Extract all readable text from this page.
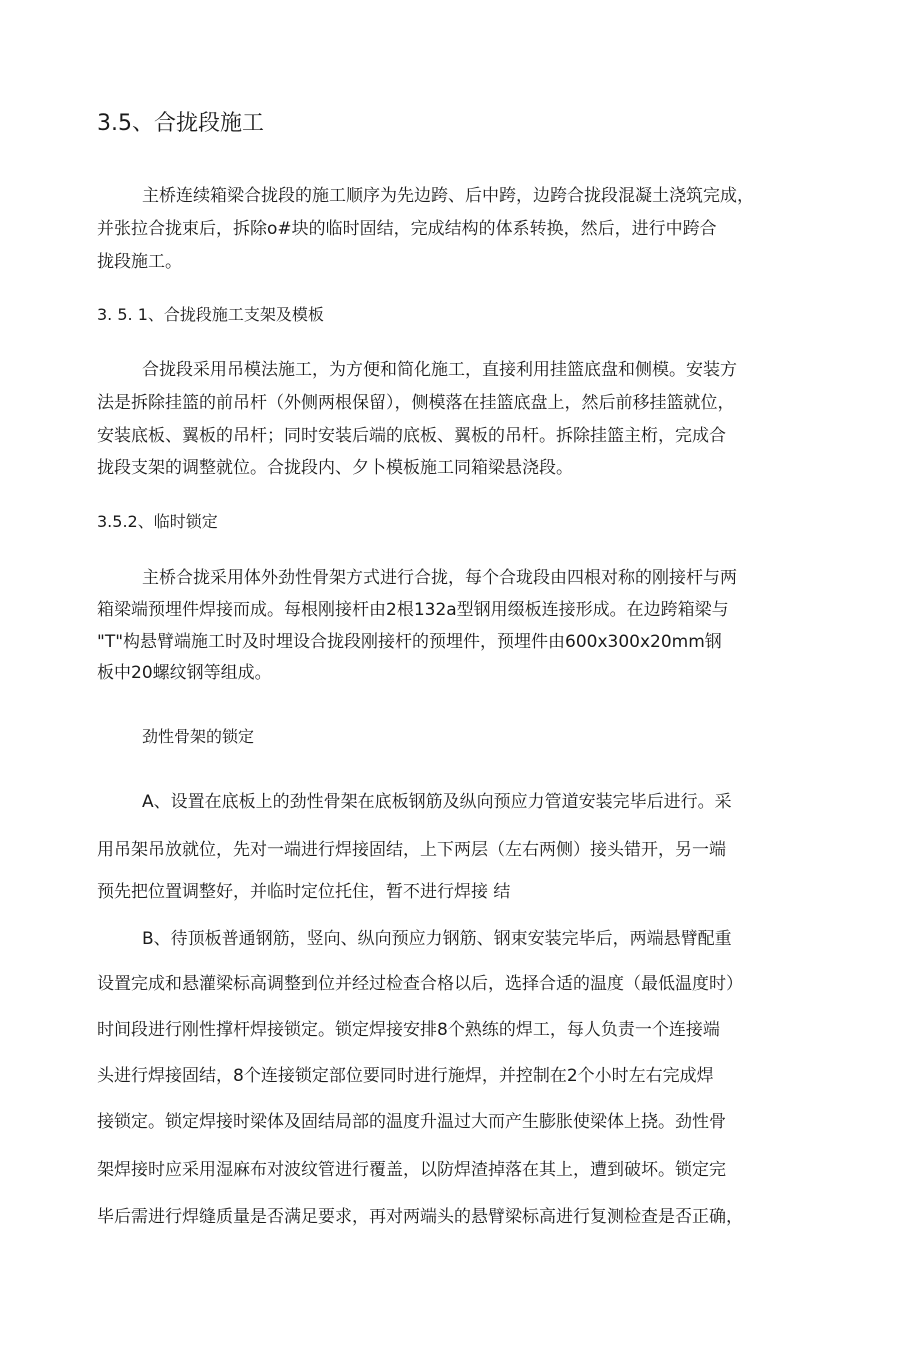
3.5、合拢段施工
主桥连续箱梁合拢段的施工顺序为先边跨、后中跨，边跨合拢段混凝土浇筑完成，
并张拉合拢束后，拆除o#块的临时固结，完成结构的体系转换，然后，进行中跨合
拢段施工。
3. 5. 1、合拢段施工支架及模板
合拢段采用吊模法施工，为方便和简化施工，直接利用挂篮底盘和侧模。安装方
法是拆除挂篮的前吊杆（外侧两根保留），侧模落在挂篮底盘上，然后前移挂篮就位，
安装底板、翼板的吊杆；同时安装后端的底板、翼板的吊杆。拆除挂篮主桁，完成合
拢段支架的调整就位。合拢段内、夕卜模板施工同箱梁悬浇段。
3.5.2、临时锁定
主桥合拢采用体外劲性骨架方式进行合拢，每个合珑段由四根对称的刚接杆与两
箱梁端预埋件焊接而成。每根刚接杆由2根132a型钢用缀板连接形成。在边跨箱梁与
"T"构悬臂端施工时及时埋设合拢段刚接杆的预埋件，预埋件由600x300x20mm钢
板中20螺纹钢等组成。
劲性骨架的锁定
A、设置在底板上的劲性骨架在底板钢筋及纵向预应力管道安装完毕后进行。采
用吊架吊放就位，先对一端进行焊接固结，上下两层（左右两侧）接头错开，另一端
预先把位置调整好，并临时定位托住，暂不进行焊接 结
B、待顶板普通钢筋，竖向、纵向预应力钢筋、钢束安装完毕后，两端悬臂配重
设置完成和悬灌梁标高调整到位并经过检查合格以后，选择合适的温度（最低温度时）
时间段进行刚性撑杆焊接锁定。锁定焊接安排8个熟练的焊工，每人负责一个连接端
头进行焊接固结，8个连接锁定部位要同时进行施焊，并控制在2个小时左右完成焊
接锁定。锁定焊接时梁体及固结局部的温度升温过大而产生膨胀使梁体上挠。劲性骨
架焊接时应采用湿麻布对波纹管进行覆盖，以防焊渣掉落在其上，遭到破坏。锁定完
毕后需进行焊缝质量是否满足要求，再对两端头的悬臂梁标高进行复测检查是否正确，
